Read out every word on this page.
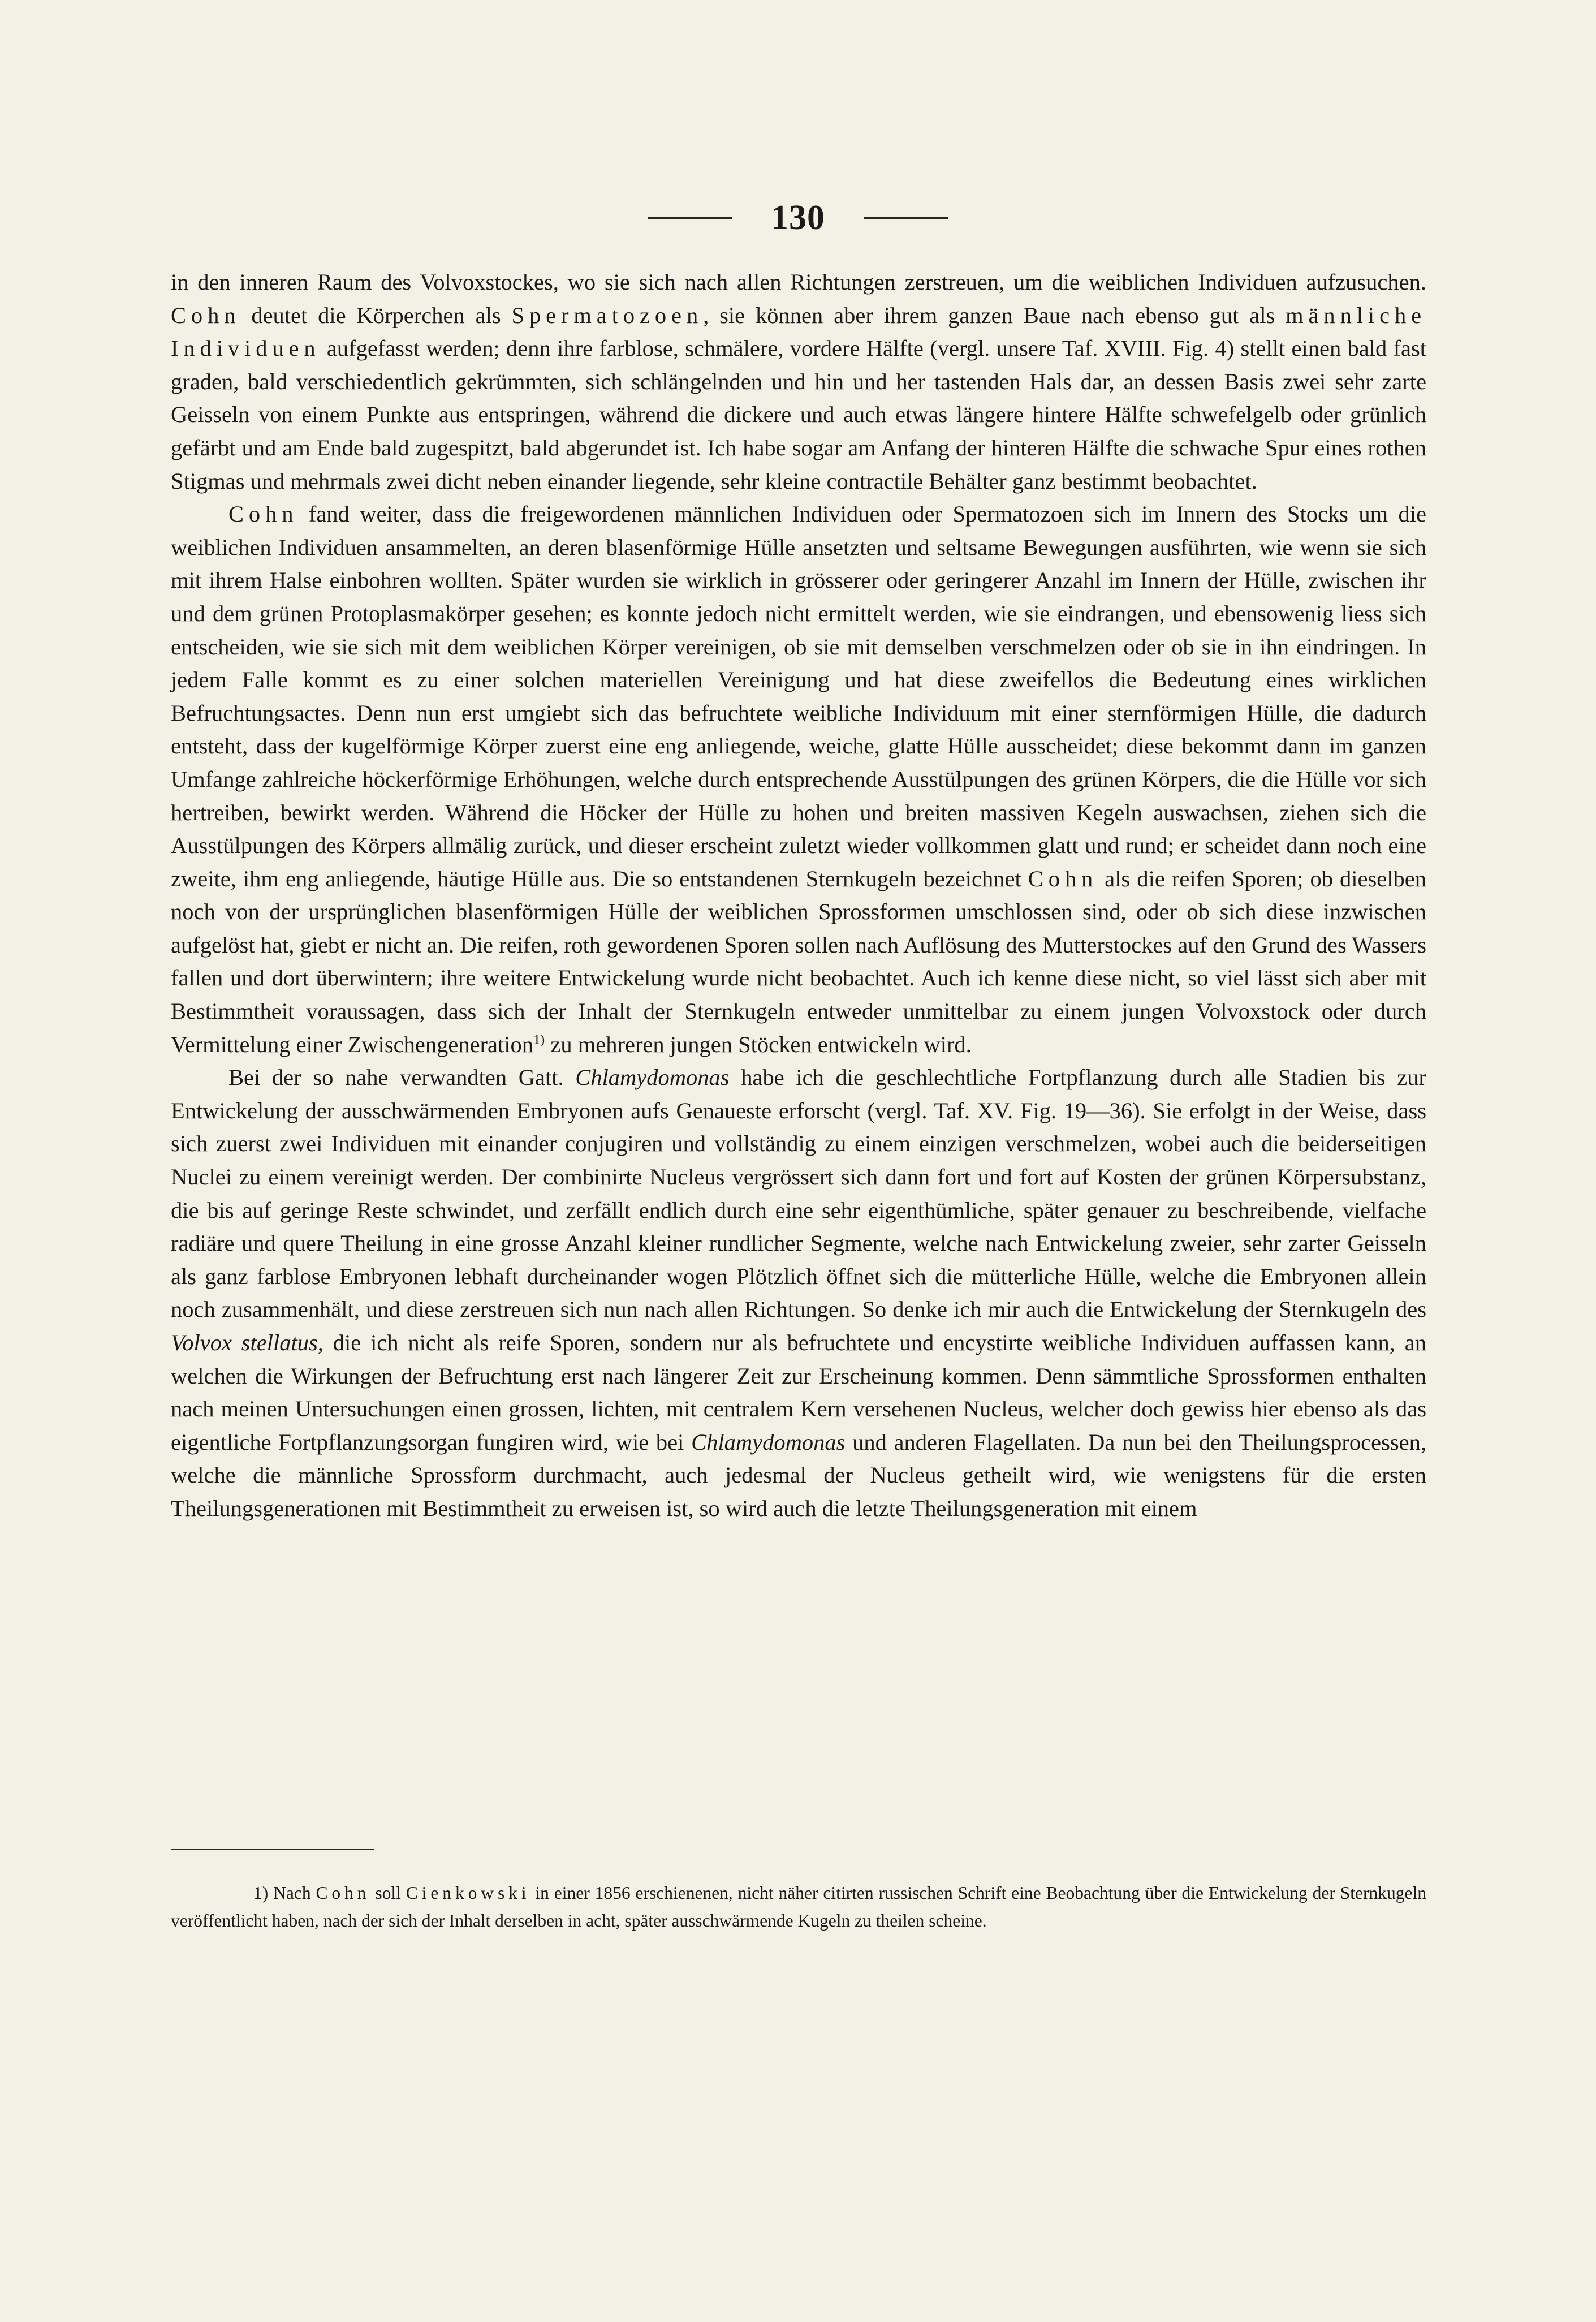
130

in den inneren Raum des Volvoxstockes, wo sie sich nach allen Richtungen zerstreuen, um die weiblichen Individuen aufzusuchen. Cohn deutet die Körperchen als Spermatozoen, sie können aber ihrem ganzen Baue nach ebenso gut als männliche Individuen aufgefasst werden; denn ihre farblose, schmälere, vordere Hälfte (vergl. unsere Taf. XVIII. Fig. 4) stellt einen bald fast graden, bald verschiedentlich gekrümmten, sich schlängelnden und hin und her tastenden Hals dar, an dessen Basis zwei sehr zarte Geisseln von einem Punkte aus entspringen, während die dickere und auch etwas längere hintere Hälfte schwefelgelb oder grünlich gefärbt und am Ende bald zugespitzt, bald abgerundet ist. Ich habe sogar am Anfang der hinteren Hälfte die schwache Spur eines rothen Stigmas und mehrmals zwei dicht neben einander liegende, sehr kleine contractile Behälter ganz bestimmt beobachtet.

Cohn fand weiter, dass die freigewordenen männlichen Individuen oder Spermatozoen sich im Innern des Stocks um die weiblichen Individuen ansammelten, an deren blasenförmige Hülle ansetzten und seltsame Bewegungen ausführten, wie wenn sie sich mit ihrem Halse einbohren wollten. Später wurden sie wirklich in grösserer oder geringerer Anzahl im Innern der Hülle, zwischen ihr und dem grünen Protoplasmakörper gesehen; es konnte jedoch nicht ermittelt werden, wie sie eindrangen, und ebensowenig liess sich entscheiden, wie sie sich mit dem weiblichen Körper vereinigen, ob sie mit demselben verschmelzen oder ob sie in ihn eindringen. In jedem Falle kommt es zu einer solchen materiellen Vereinigung und hat diese zweifellos die Bedeutung eines wirklichen Befruchtungsactes. Denn nun erst umgiebt sich das befruchtete weibliche Individuum mit einer sternförmigen Hülle, die dadurch entsteht, dass der kugelförmige Körper zuerst eine eng anliegende, weiche, glatte Hülle ausscheidet; diese bekommt dann im ganzen Umfange zahlreiche höckerförmige Erhöhungen, welche durch entsprechende Ausstülpungen des grünen Körpers, die die Hülle vor sich hertreiben, bewirkt werden. Während die Höcker der Hülle zu hohen und breiten massiven Kegeln auswachsen, ziehen sich die Ausstülpungen des Körpers allmälig zurück, und dieser erscheint zuletzt wieder vollkommen glatt und rund; er scheidet dann noch eine zweite, ihm eng anliegende, häutige Hülle aus. Die so entstandenen Sternkugeln bezeichnet Cohn als die reifen Sporen; ob dieselben noch von der ursprünglichen blasenförmigen Hülle der weiblichen Sprossformen umschlossen sind, oder ob sich diese inzwischen aufgelöst hat, giebt er nicht an. Die reifen, roth gewordenen Sporen sollen nach Auflösung des Mutterstockes auf den Grund des Wassers fallen und dort überwintern; ihre weitere Entwickelung wurde nicht beobachtet. Auch ich kenne diese nicht, so viel lässt sich aber mit Bestimmtheit voraussagen, dass sich der Inhalt der Sternkugeln entweder unmittelbar zu einem jungen Volvoxstock oder durch Vermittelung einer Zwischengeneration$^{1)}$ zu mehreren jungen Stöcken entwickeln wird.

Bei der so nahe verwandten Gatt. Chlamydomonas habe ich die geschlechtliche Fortpflanzung durch alle Stadien bis zur Entwickelung der ausschwärmenden Embryonen aufs Genaueste erforscht (vergl. Taf. XV. Fig. 19—36). Sie erfolgt in der Weise, dass sich zuerst zwei Individuen mit einander conjugiren und vollständig zu einem einzigen verschmelzen, wobei auch die beiderseitigen Nuclei zu einem vereinigt werden. Der combinirte Nucleus vergrössert sich dann fort und fort auf Kosten der grünen Körpersubstanz, die bis auf geringe Reste schwindet, und zerfällt endlich durch eine sehr eigenthümliche, später genauer zu beschreibende, vielfache radiäre und quere Theilung in eine grosse Anzahl kleiner rundlicher Segmente, welche nach Entwickelung zweier, sehr zarter Geisseln als ganz farblose Embryonen lebhaft durcheinander wogen Plötzlich öffnet sich die mütterliche Hülle, welche die Embryonen allein noch zusammenhält, und diese zerstreuen sich nun nach allen Richtungen. So denke ich mir auch die Entwickelung der Sternkugeln des Volvox stellatus, die ich nicht als reife Sporen, sondern nur als befruchtete und encystirte weibliche Individuen auffassen kann, an welchen die Wirkungen der Befruchtung erst nach längerer Zeit zur Erscheinung kommen. Denn sämmtliche Sprossformen enthalten nach meinen Untersuchungen einen grossen, lichten, mit centralem Kern versehenen Nucleus, welcher doch gewiss hier ebenso als das eigentliche Fortpflanzungsorgan fungiren wird, wie bei Chlamydomonas und anderen Flagellaten. Da nun bei den Theilungsprocessen, welche die männliche Sprossform durchmacht, auch jedesmal der Nucleus getheilt wird, wie wenigstens für die ersten Theilungsgenerationen mit Bestimmtheit zu erweisen ist, so wird auch die letzte Theilungsgeneration mit einem

1) Nach Cohn soll Cienkowski in einer 1856 erschienenen, nicht näher citirten russischen Schrift eine Beobachtung über die Entwickelung der Sternkugeln veröffentlicht haben, nach der sich der Inhalt derselben in acht, später ausschwärmende Kugeln zu theilen scheine.
